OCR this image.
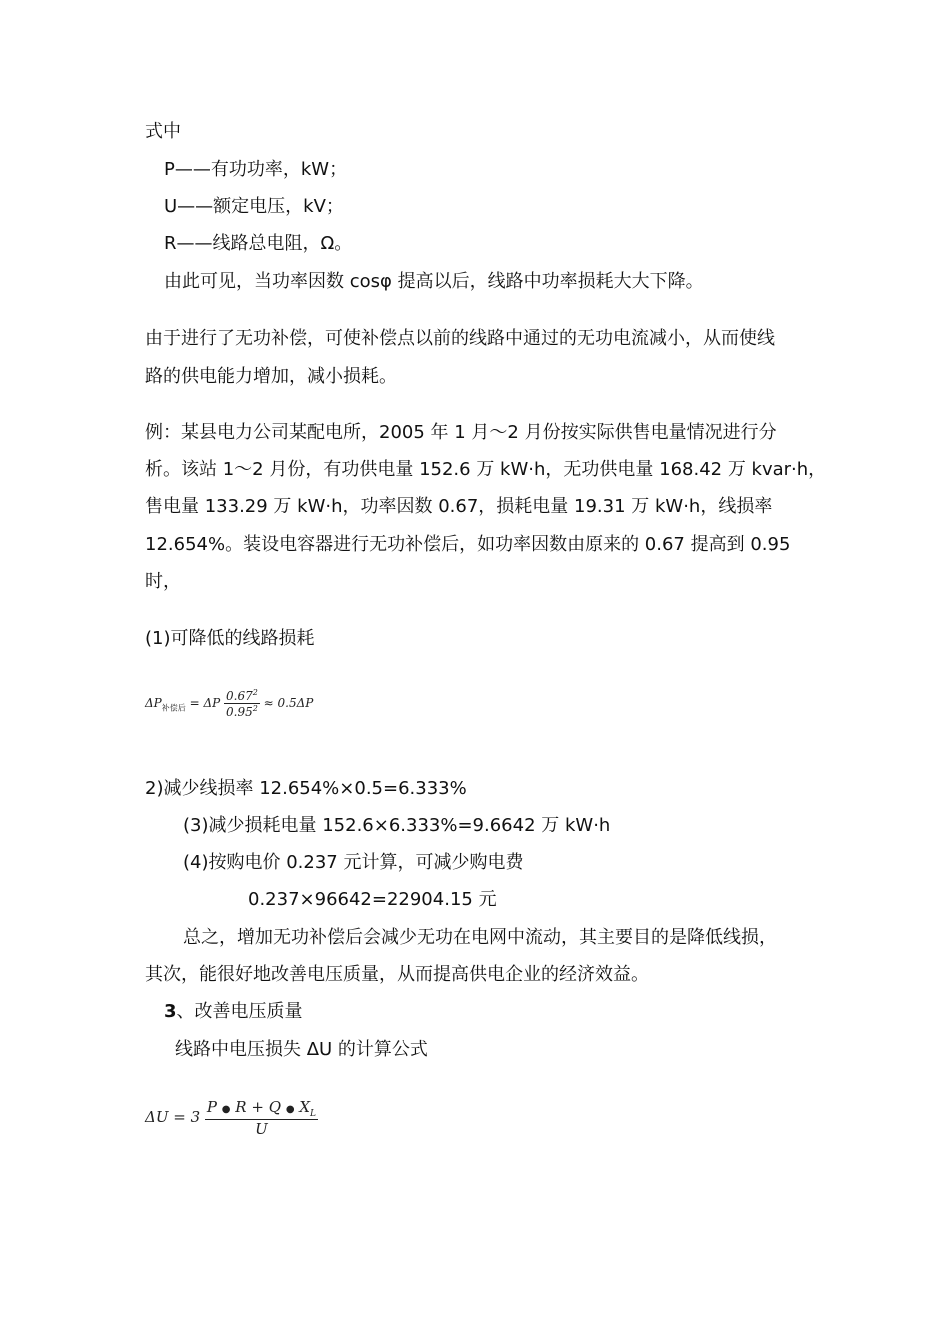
式中
P——有功功率，kW；
U——额定电压，kV；
R——线路总电阻，Ω。
由此可见，当功率因数 cosφ 提高以后，线路中功率损耗大大下降。
由于进行了无功补偿，可使补偿点以前的线路中通过的无功电流减小，从而使线
路的供电能力增加，减小损耗。
例：某县电力公司某配电所，2005 年 1 月～2 月份按实际供售电量情况进行分
析。该站 1～2 月份，有功供电量 152.6 万 kW·h，无功供电量 168.42 万 kvar·h，
售电量 133.29 万 kW·h，功率因数 0.67，损耗电量 19.31 万 kW·h，线损率
12.654%。装设电容器进行无功补偿后，如功率因数由原来的 0.67 提高到 0.95
时，
(1)可降低的线路损耗
$\Delta P_{补偿后} = \Delta P \frac{0.67^2}{0.95^2} \approx 0.5\Delta P$
2)减少线损率 12.654%×0.5=6.333%
(3)减少损耗电量 152.6×6.333%=9.6642 万 kW·h
(4)按购电价 0.237 元计算，可减少购电费
0.237×96642=22904.15 元
总之，增加无功补偿后会减少无功在电网中流动，其主要目的是降低线损，
其次，能很好地改善电压质量，从而提高供电企业的经济效益。
3、改善电压质量
线路中电压损失 ΔU 的计算公式
ΔU = 3
P ● R + Q ● $X_L$
U
